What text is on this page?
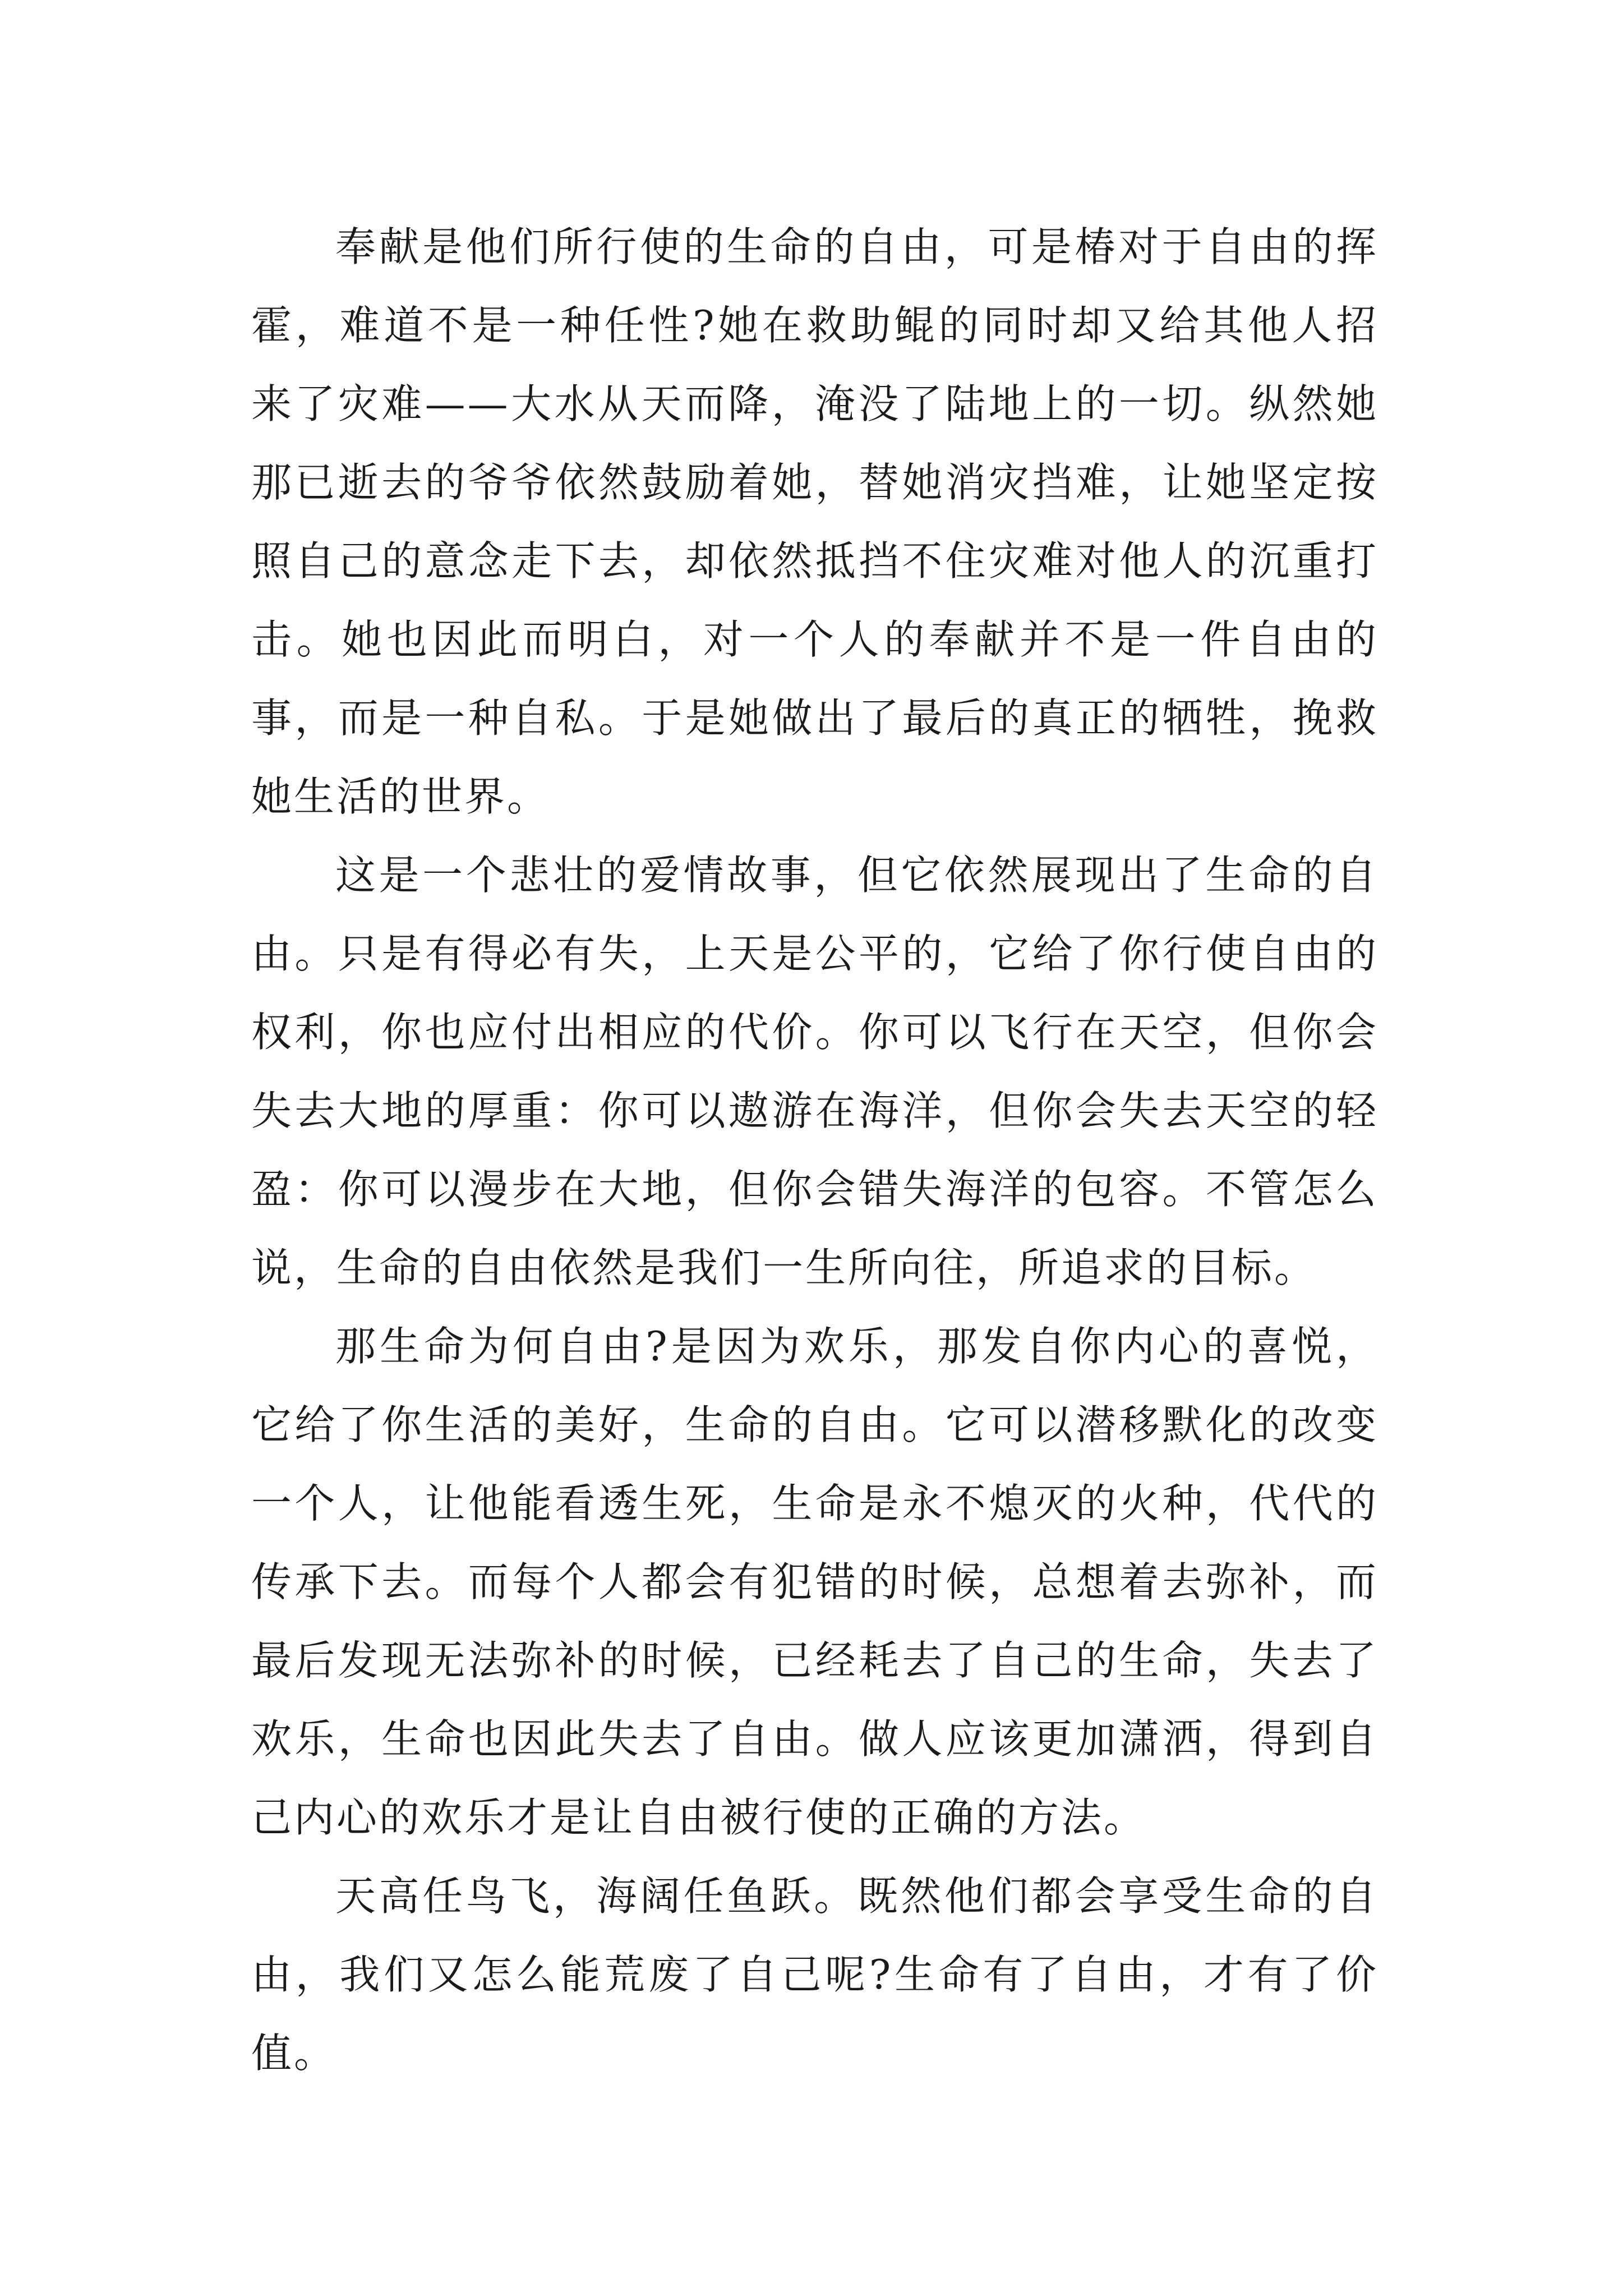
奉献是他们所行使的生命的自由，可是椿对于自由的挥霍，难道不是一种任性?她在救助鲲的同时却又给其他人招来了灾难——大水从天而降，淹没了陆地上的一切。纵然她那已逝去的爷爷依然鼓励着她，替她消灾挡难，让她坚定按照自己的意念走下去，却依然抵挡不住灾难对他人的沉重打击。她也因此而明白，对一个人的奉献并不是一件自由的事，而是一种自私。于是她做出了最后的真正的牺牲，挽救她生活的世界。

这是一个悲壮的爱情故事，但它依然展现出了生命的自由。只是有得必有失，上天是公平的，它给了你行使自由的权利，你也应付出相应的代价。你可以飞行在天空，但你会失去大地的厚重：你可以遨游在海洋，但你会失去天空的轻盈：你可以漫步在大地，但你会错失海洋的包容。不管怎么说，生命的自由依然是我们一生所向往，所追求的目标。

那生命为何自由?是因为欢乐，那发自你内心的喜悦，它给了你生活的美好，生命的自由。它可以潜移默化的改变一个人，让他能看透生死，生命是永不熄灭的火种，代代的传承下去。而每个人都会有犯错的时候，总想着去弥补，而最后发现无法弥补的时候，已经耗去了自己的生命，失去了欢乐，生命也因此失去了自由。做人应该更加潇洒，得到自己内心的欢乐才是让自由被行使的正确的方法。

天高任鸟飞，海阔任鱼跃。既然他们都会享受生命的自由，我们又怎么能荒废了自己呢?生命有了自由，才有了价值。
